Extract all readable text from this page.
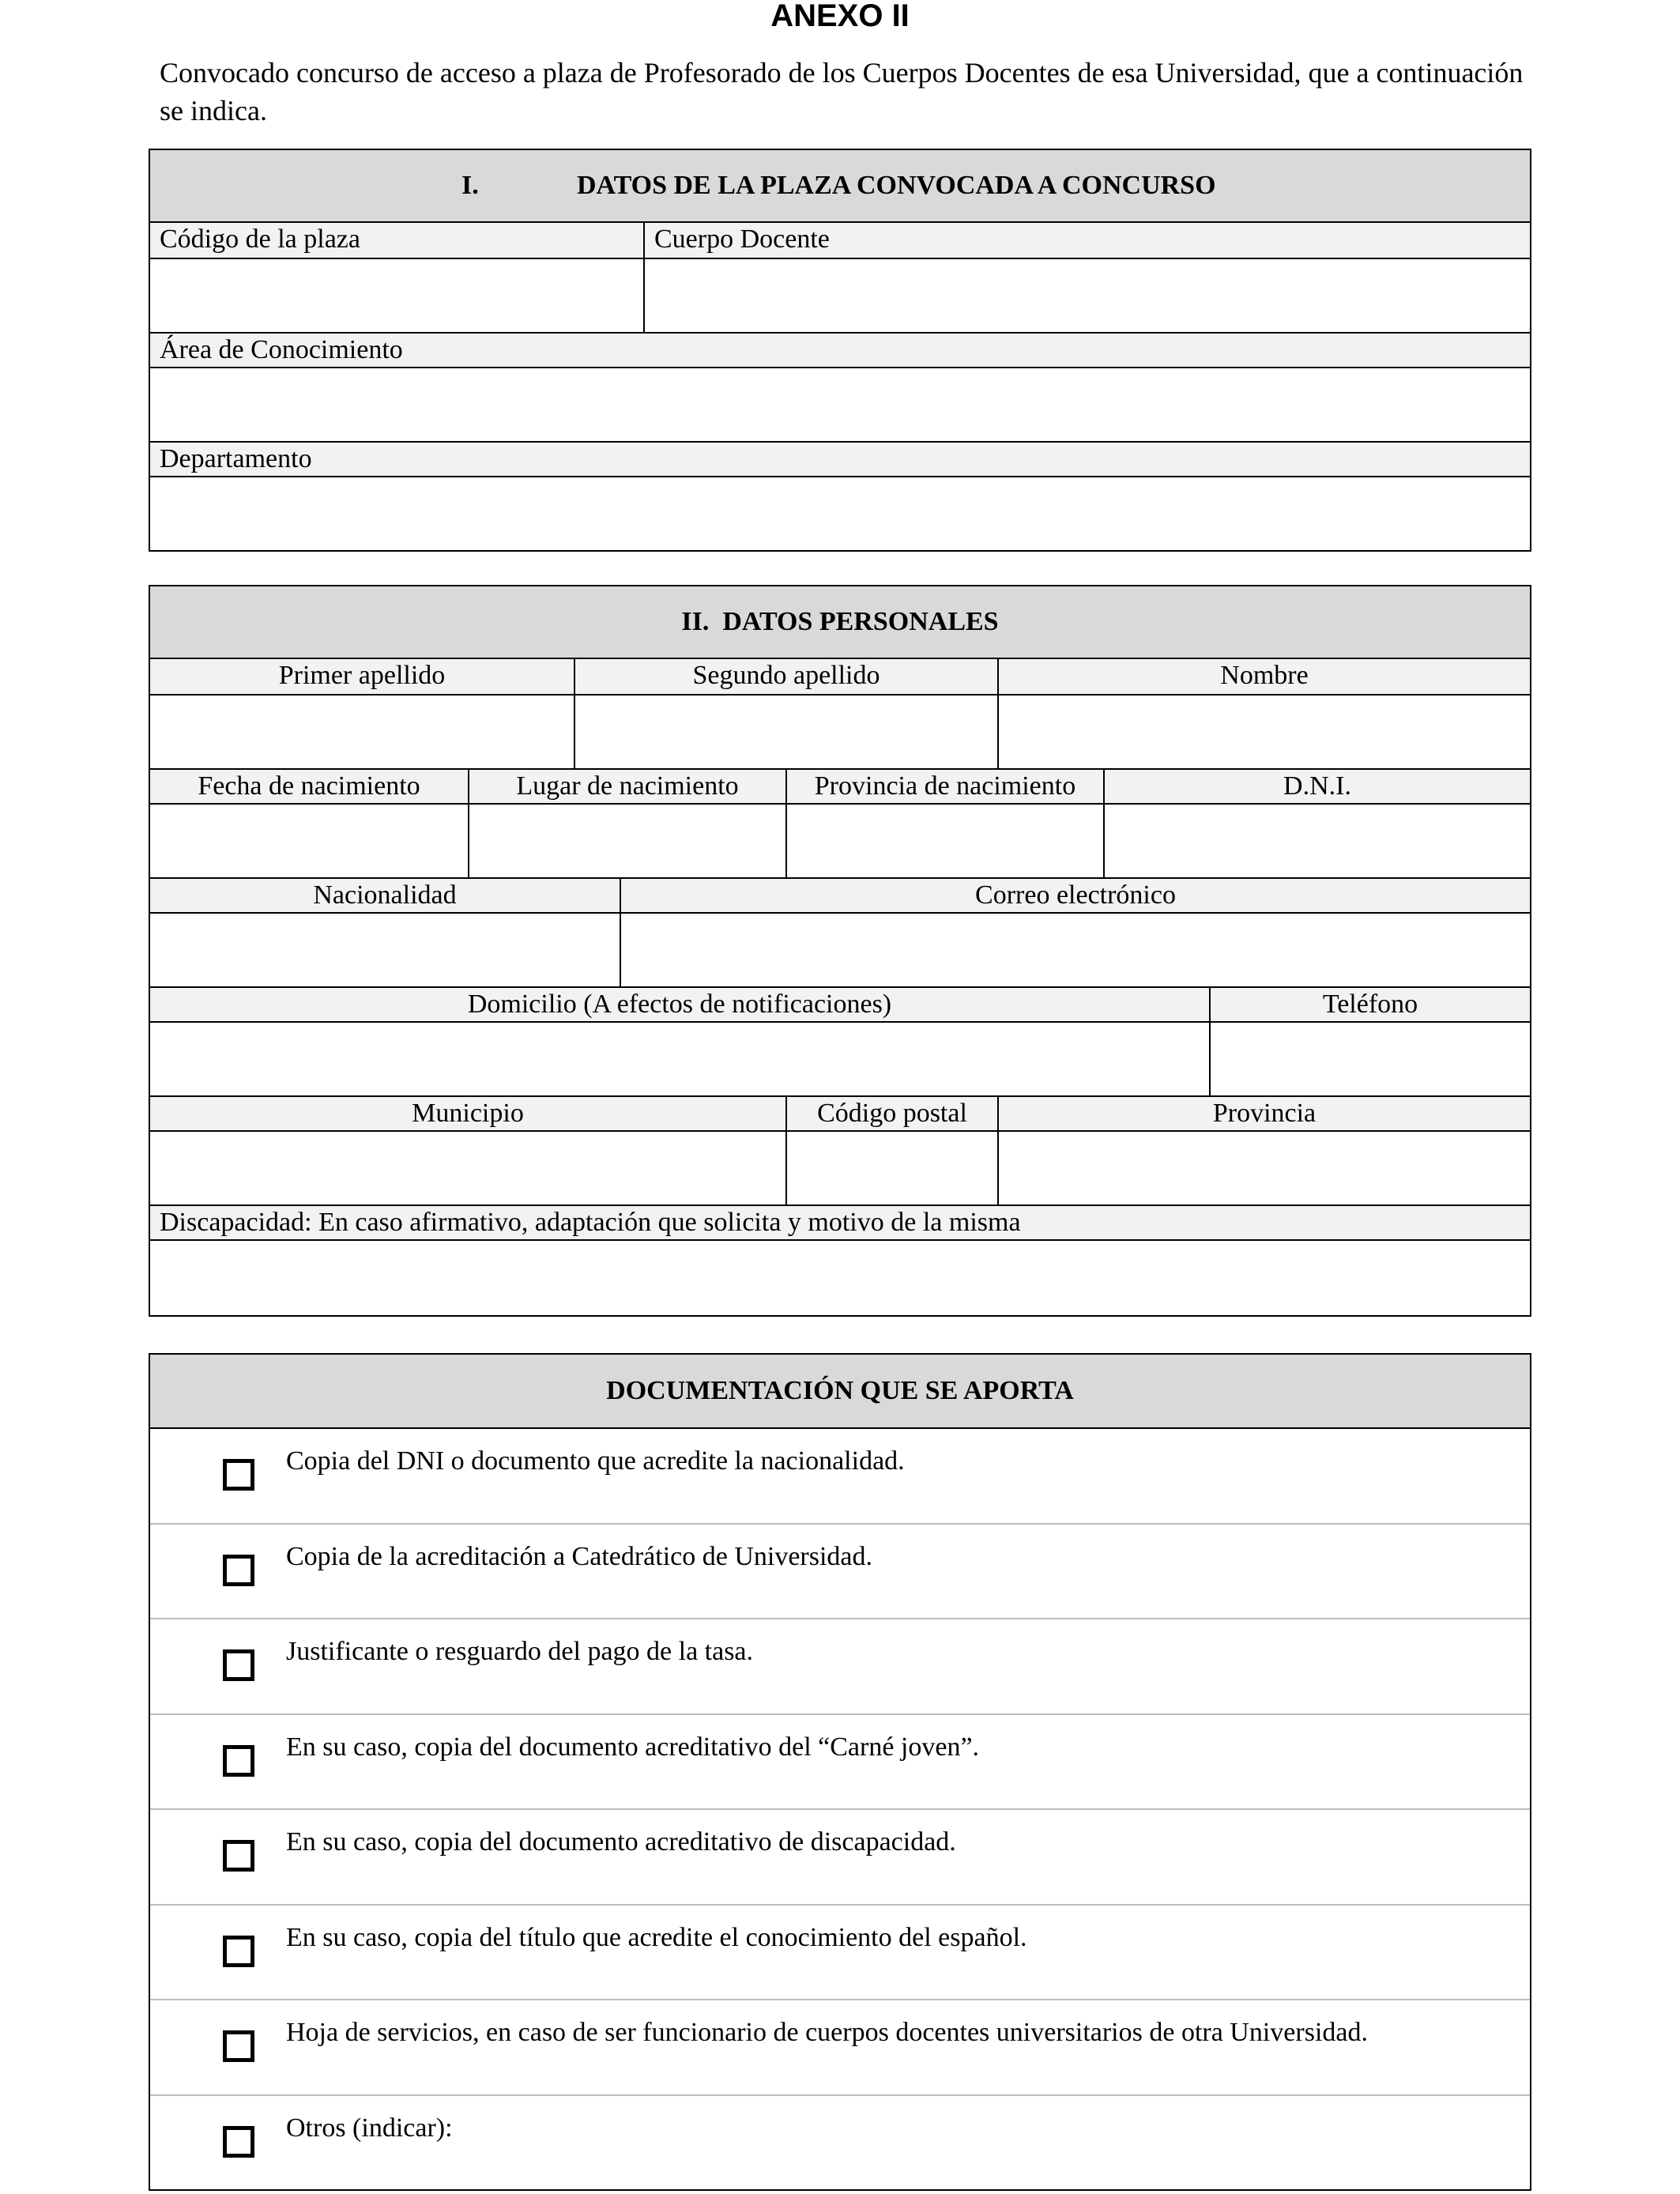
ANEXO II
Convocado concurso de acceso a plaza de Profesorado de los Cuerpos Docentes de esa Universidad, que a continuación se indica.
I.	DATOS DE LA PLAZA CONVOCADA A CONCURSO
Código de la plaza	Cuerpo Docente
Área de Conocimiento
Departamento
II.  DATOS PERSONALES
Primer apellido	Segundo apellido	Nombre
Fecha de nacimiento	Lugar de nacimiento	Provincia de nacimiento	D.N.I.
Nacionalidad	Correo electrónico
Domicilio (A efectos de notificaciones)	Teléfono
Municipio	Código postal	Provincia
Discapacidad: En caso afirmativo, adaptación que solicita y motivo de la misma
DOCUMENTACIÓN QUE SE APORTA
Copia del DNI o documento que acredite la nacionalidad.
Copia de la acreditación a Catedrático de Universidad.
Justificante o resguardo del pago de la tasa.
En su caso, copia del documento acreditativo del “Carné joven”.
En su caso, copia del documento acreditativo de discapacidad.
En su caso, copia del título que acredite el conocimiento del español.
Hoja de servicios, en caso de ser funcionario de cuerpos docentes universitarios de otra Universidad.
Otros (indicar):
